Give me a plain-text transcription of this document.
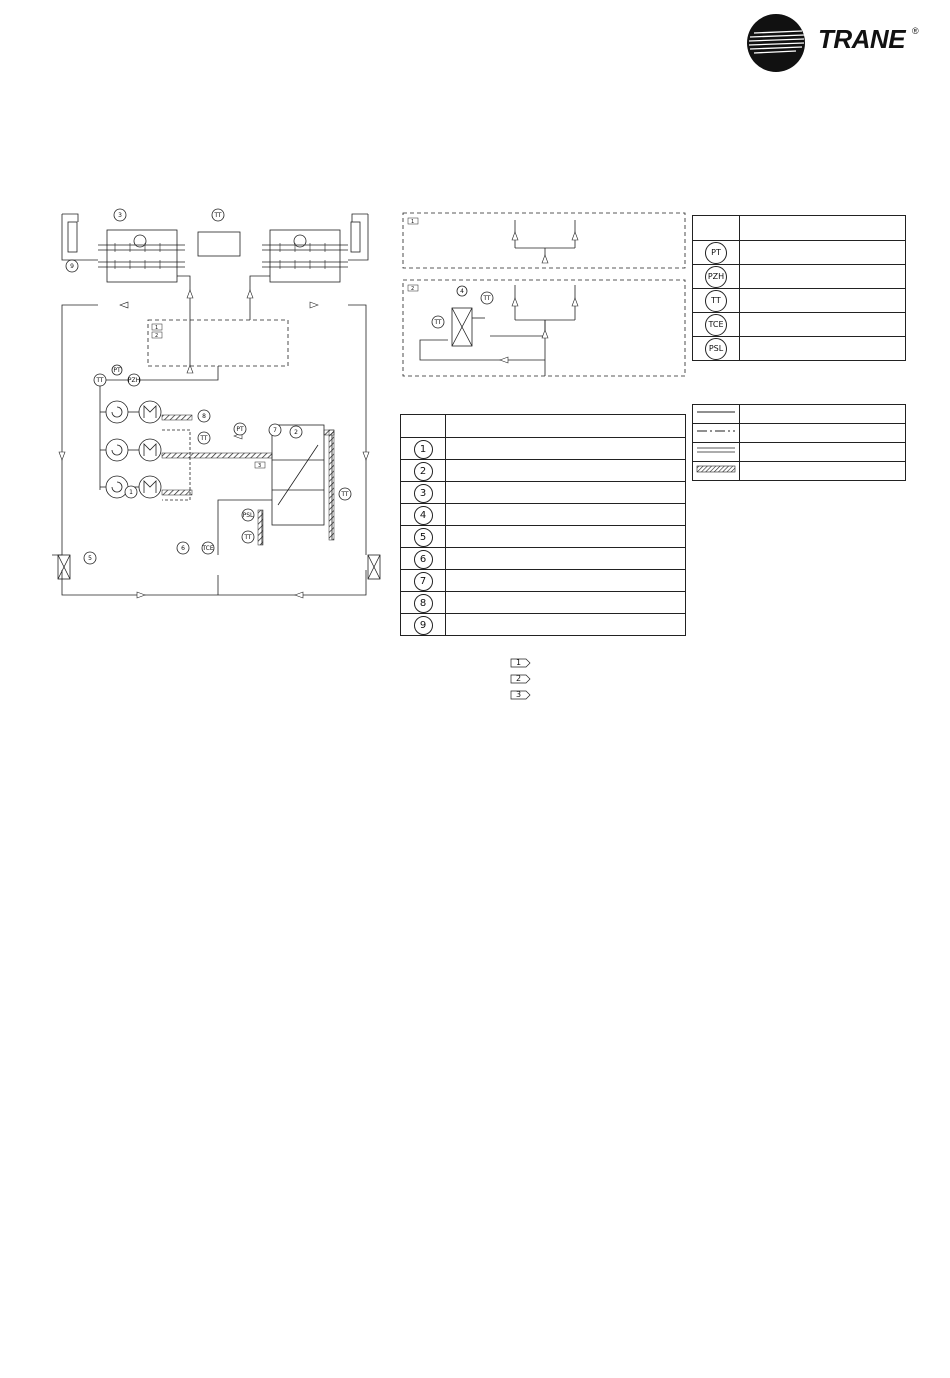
TRANE ®
3	TT
9
TT
PT
PZH
1
8
TT
PT	7	2
TT
PSL
TT
6	TCE
5
1
2
3
4
TT
TT
1
2

1	
2	
3	
4	
5	
6	
7	
8	
9	
1
2
3

PT	
PZH	
TT	
TCE	
PSL	
